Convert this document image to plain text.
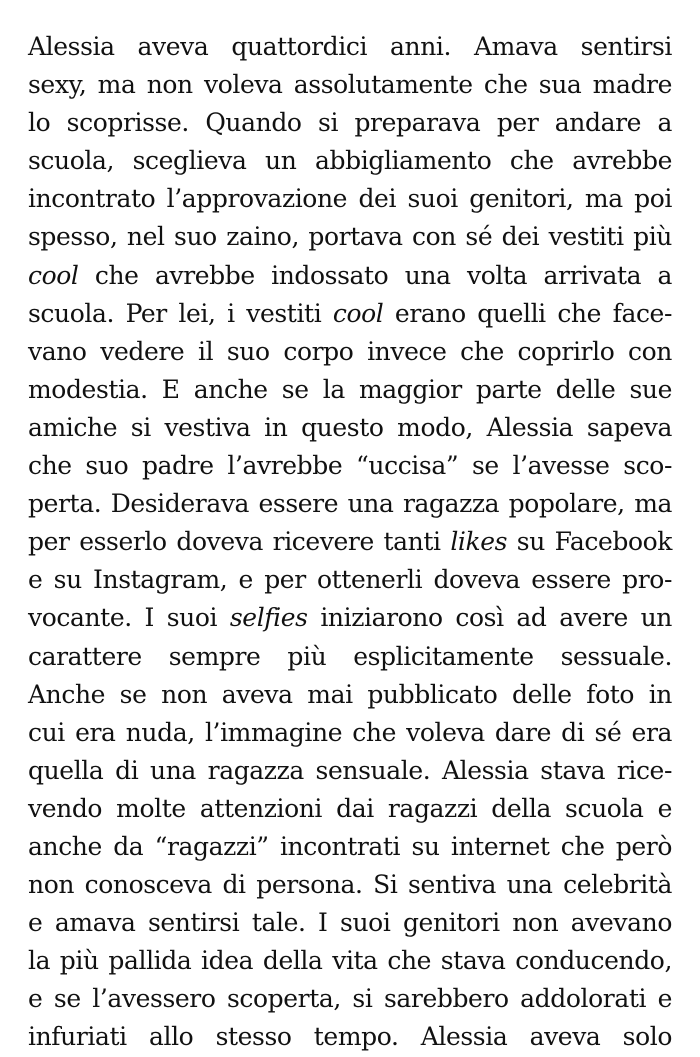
Alessia aveva quattordici anni. Amava sentirsi
sexy, ma non voleva assolutamente che sua madre
lo scoprisse. Quando si preparava per andare a
scuola, sceglieva un abbigliamento che avrebbe
incontrato l’approvazione dei suoi genitori, ma poi
spesso, nel suo zaino, portava con sé dei vestiti più
cool che avrebbe indossato una volta arrivata a
scuola. Per lei, i vestiti cool erano quelli che face-
vano vedere il suo corpo invece che coprirlo con
modestia. E anche se la maggior parte delle sue
amiche si vestiva in questo modo, Alessia sapeva
che suo padre l’avrebbe “uccisa” se l’avesse sco-
perta. Desiderava essere una ragazza popolare, ma
per esserlo doveva ricevere tanti likes su Facebook
e su Instagram, e per ottenerli doveva essere pro-
vocante. I suoi selfies iniziarono così ad avere un
carattere sempre più esplicitamente sessuale.
Anche se non aveva mai pubblicato delle foto in
cui era nuda, l’immagine che voleva dare di sé era
quella di una ragazza sensuale. Alessia stava rice-
vendo molte attenzioni dai ragazzi della scuola e
anche da “ragazzi” incontrati su internet che però
non conosceva di persona. Si sentiva una celebrità
e amava sentirsi tale. I suoi genitori non avevano
la più pallida idea della vita che stava conducendo,
e se l’avessero scoperta, si sarebbero addolorati e
infuriati allo stesso tempo. Alessia aveva solo
